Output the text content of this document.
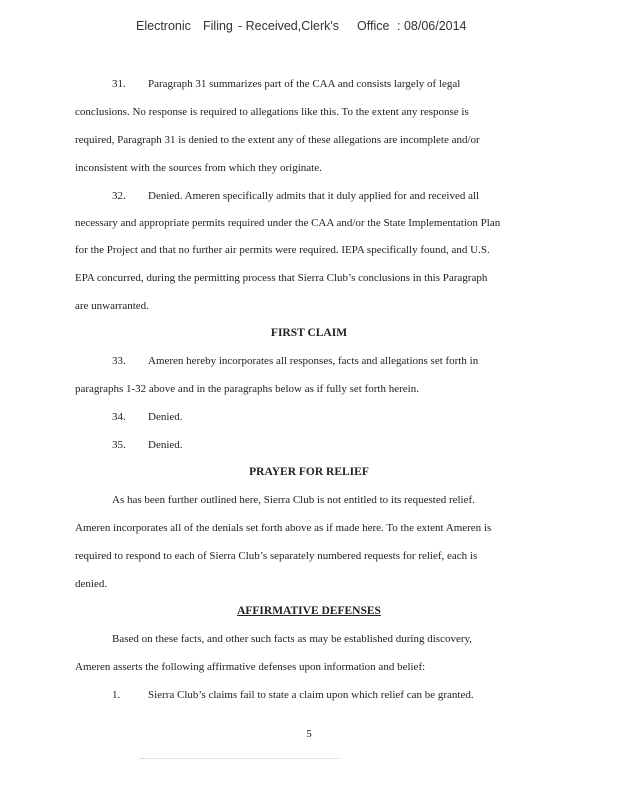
Electronic Filing - Received,Clerk's Office : 08/06/2014
31. Paragraph 31 summarizes part of the CAA and consists largely of legal
conclusions. No response is required to allegations like this. To the extent any response is
required, Paragraph 31 is denied to the extent any of these allegations are incomplete and/or
inconsistent with the sources from which they originate.
32. Denied. Ameren specifically admits that it duly applied for and received all
necessary and appropriate permits required under the CAA and/or the State Implementation Plan
for the Project and that no further air permits were required. IEPA specifically found, and U.S.
EPA concurred, during the permitting process that Sierra Club’s conclusions in this Paragraph
are unwarranted.
FIRST CLAIM
33. Ameren hereby incorporates all responses, facts and allegations set forth in
paragraphs 1-32 above and in the paragraphs below as if fully set forth herein.
34. Denied.
35. Denied.
PRAYER FOR RELIEF
As has been further outlined here, Sierra Club is not entitled to its requested relief.
Ameren incorporates all of the denials set forth above as if made here. To the extent Ameren is
required to respond to each of Sierra Club’s separately numbered requests for relief, each is
denied.
AFFIRMATIVE DEFENSES
Based on these facts, and other such facts as may be established during discovery,
Ameren asserts the following affirmative defenses upon information and belief:
1.	Sierra Club’s claims fail to state a claim upon which relief can be granted.
5
